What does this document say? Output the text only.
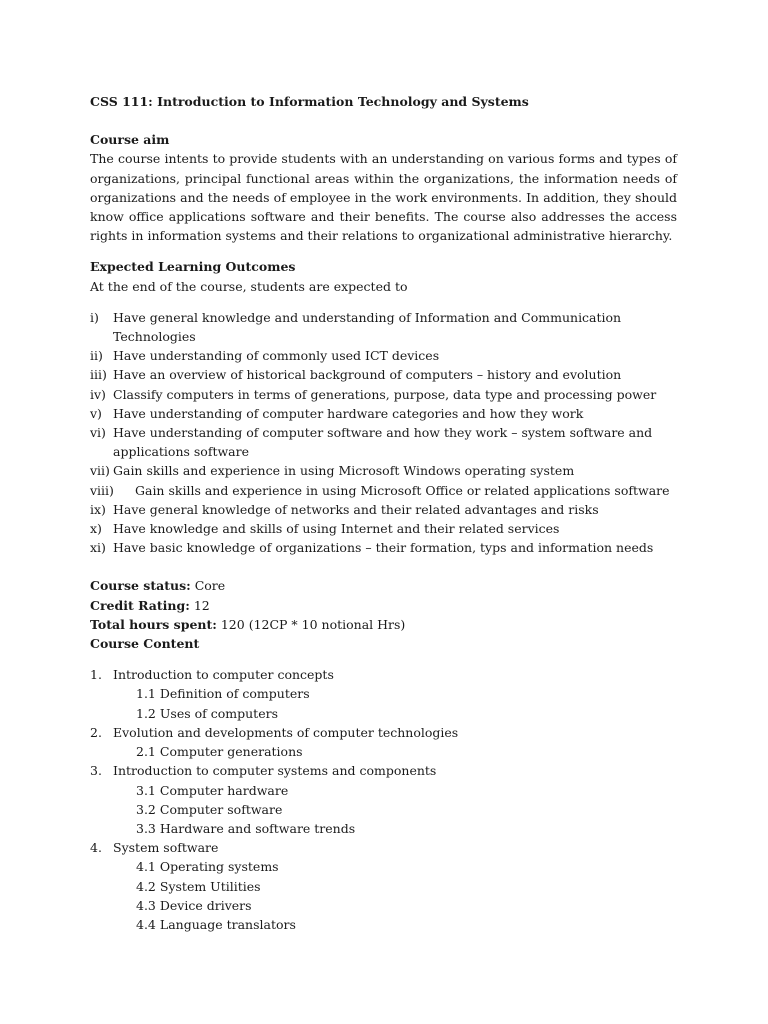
CSS 111: Introduction to Information Technology and Systems

Course aim

The course intents to provide students with an understanding on various forms and types of organizations, principal functional areas within the organizations, the information needs of organizations and the needs of employee in the work environments. In addition, they should know office applications software and their benefits. The course also addresses the access rights in information systems and their relations to organizational administrative hierarchy.

Expected Learning Outcomes

At the end of the course, students are expected to

i) Have general knowledge and understanding of Information and Communication Technologies
ii) Have understanding of commonly used ICT devices
iii) Have an overview of historical background of computers – history and evolution
iv) Classify computers in terms of generations, purpose, data type and processing power
v) Have understanding of computer hardware categories and how they work
vi) Have understanding of computer software and how they work – system software and applications software
vii) Gain skills and experience in using Microsoft Windows operating system
viii) Gain skills and experience in using Microsoft Office or related applications software
ix) Have general knowledge of networks and their related advantages and risks
x) Have knowledge and skills of using Internet and their related services
xi) Have basic knowledge of organizations – their formation, typs and information needs

Course status: Core

Credit Rating: 12

Total hours spent: 120 (12CP * 10 notional Hrs)

Course Content

1. Introduction to computer concepts
1.1 Definition of computers
1.2 Uses of computers
2. Evolution and developments of computer technologies
2.1 Computer generations
3. Introduction to computer systems and components
3.1 Computer hardware
3.2 Computer software
3.3 Hardware and software trends
4. System software
4.1 Operating systems
4.2 System Utilities
4.3 Device drivers
4.4 Language translators
